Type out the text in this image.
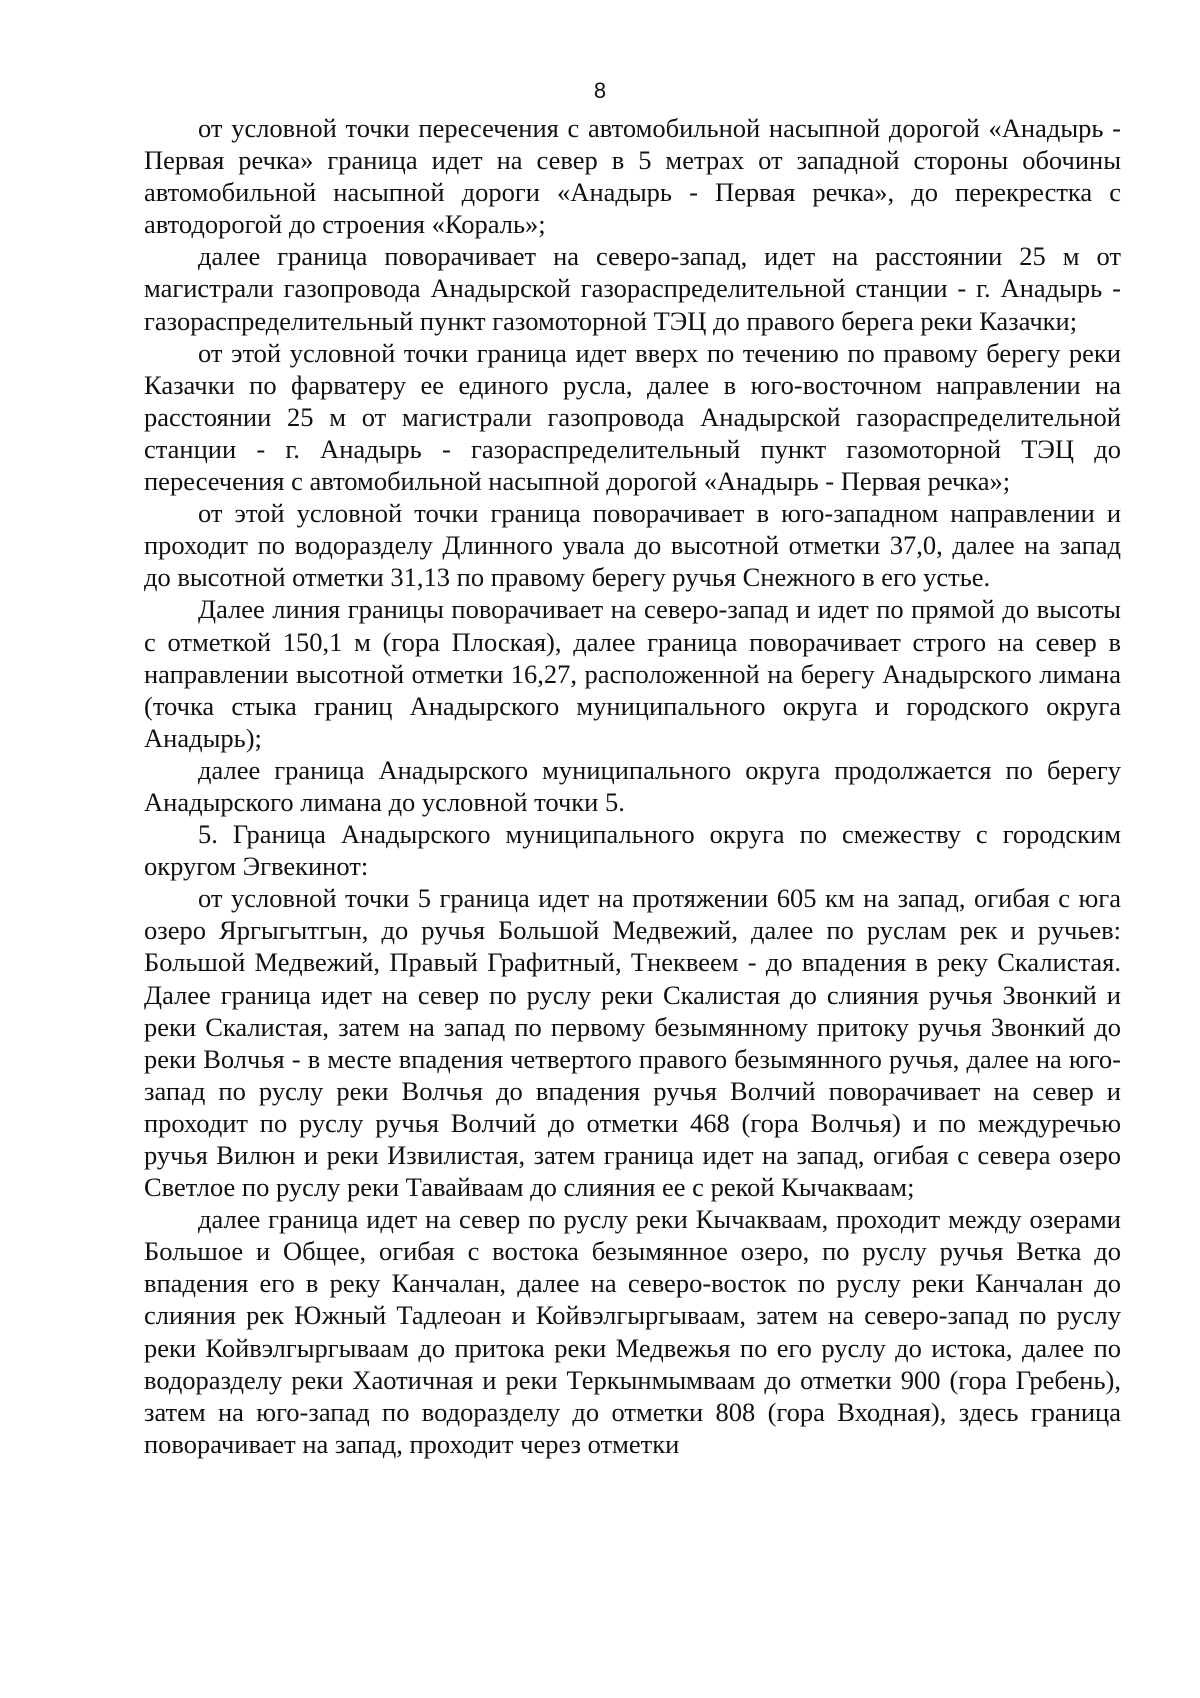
8

от условной точки пересечения с автомобильной насыпной дорогой «Анадырь - Первая речка» граница идет на север в 5 метрах от западной стороны обочины автомобильной насыпной дороги «Анадырь - Первая речка», до перекрестка с автодорогой до строения «Кораль»;

далее граница поворачивает на северо-запад, идет на расстоянии 25 м от магистрали газопровода Анадырской газораспределительной станции - г. Анадырь - газораспределительный пункт газомоторной ТЭЦ до правого берега реки Казачки;

от этой условной точки граница идет вверх по течению по правому берегу реки Казачки по фарватеру ее единого русла, далее в юго-восточном направлении на расстоянии 25 м от магистрали газопровода Анадырской газораспределительной станции - г. Анадырь - газораспределительный пункт газомоторной ТЭЦ до пересечения с автомобильной насыпной дорогой «Анадырь - Первая речка»;

от этой условной точки граница поворачивает в юго-западном направлении и проходит по водоразделу Длинного увала до высотной отметки 37,0, далее на запад до высотной отметки 31,13 по правому берегу ручья Снежного в его устье.

Далее линия границы поворачивает на северо-запад и идет по прямой до высоты с отметкой 150,1 м (гора Плоская), далее граница поворачивает строго на север в направлении высотной отметки 16,27, расположенной на берегу Анадырского лимана (точка стыка границ Анадырского муниципального округа и городского округа Анадырь);

далее граница Анадырского муниципального округа продолжается по берегу Анадырского лимана до условной точки 5.

5. Граница Анадырского муниципального округа по смежеству с городским округом Эгвекинот:

от условной точки 5 граница идет на протяжении 605 км на запад, огибая с юга озеро Яргыгытгын, до ручья Большой Медвежий, далее по руслам рек и ручьев: Большой Медвежий, Правый Графитный, Тнеквеем - до впадения в реку Скалистая. Далее граница идет на север по руслу реки Скалистая до слияния ручья Звонкий и реки Скалистая, затем на запад по первому безымянному притоку ручья Звонкий до реки Волчья - в месте впадения четвертого правого безымянного ручья, далее на юго-запад по руслу реки Волчья до впадения ручья Волчий поворачивает на север и проходит по руслу ручья Волчий до отметки 468 (гора Волчья) и по междуречью ручья Вилюн и реки Извилистая, затем граница идет на запад, огибая с севера озеро Светлое по руслу реки Тавайваам до слияния ее с рекой Кычакваам;

далее граница идет на север по руслу реки Кычакваам, проходит между озерами Большое и Общее, огибая с востока безымянное озеро, по руслу ручья Ветка до впадения его в реку Канчалан, далее на северо-восток по руслу реки Канчалан до слияния рек Южный Тадлеоан и Койвэлгыргываам, затем на северо-запад по руслу реки Койвэлгыргываам до притока реки Медвежья по его руслу до истока, далее по водоразделу реки Хаотичная и реки Теркынмымваам до отметки 900 (гора Гребень), затем на юго-запад по водоразделу до отметки 808 (гора Входная), здесь граница поворачивает на запад, проходит через отметки
